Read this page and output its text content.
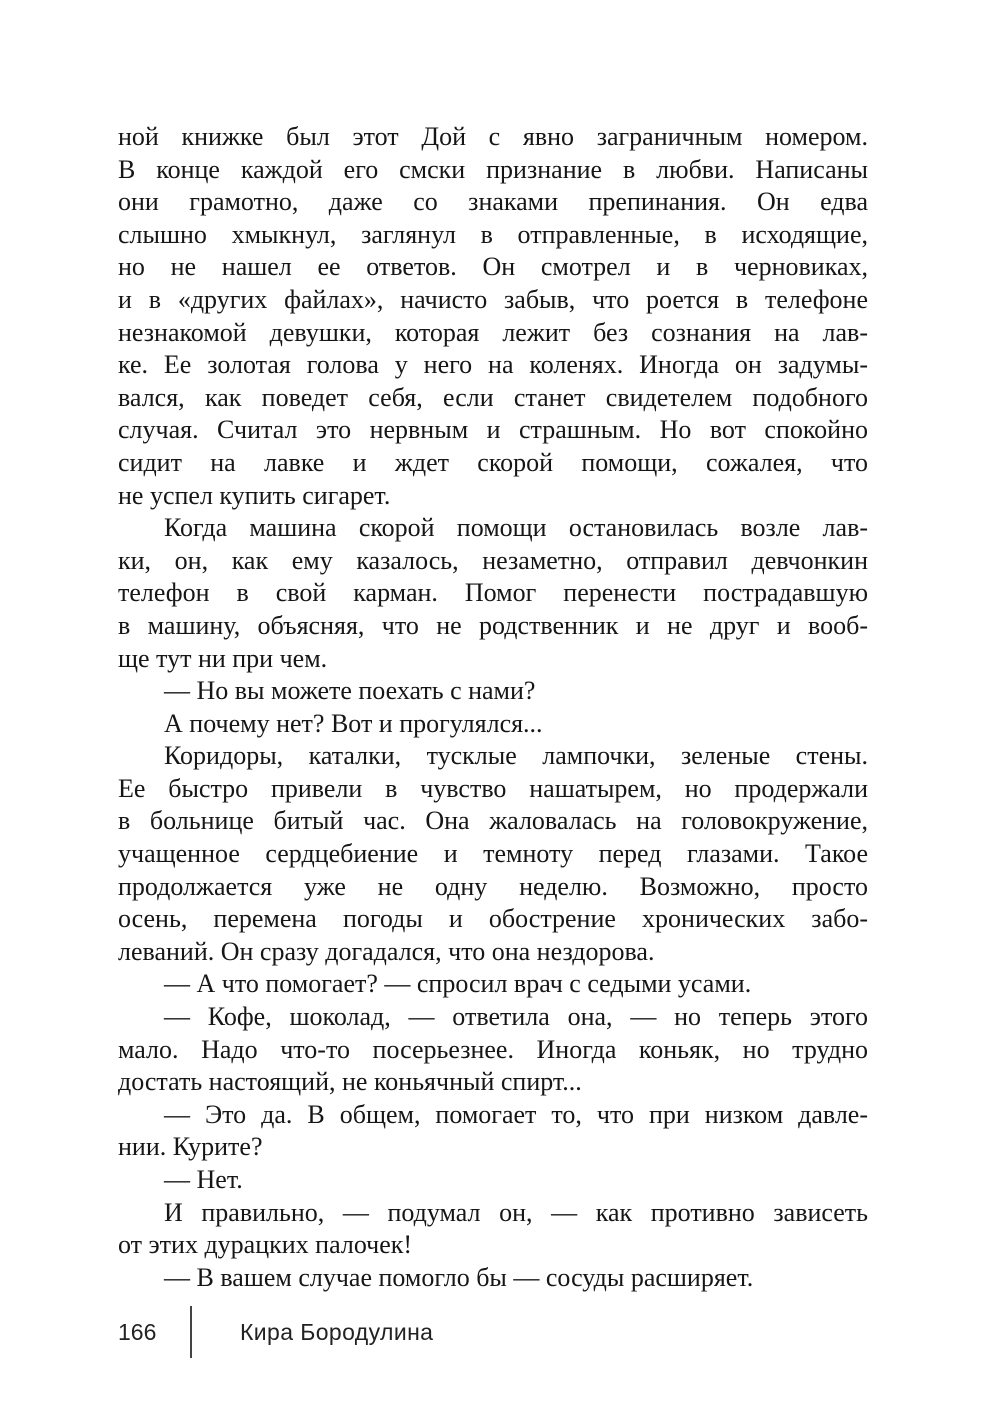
ной книжке был этот Дой с явно заграничным номером.
В конце каждой его смски признание в любви. Написаны
они грамотно, даже со знаками препинания. Он едва
слышно хмыкнул, заглянул в отправленные, в исходящие,
но не нашел ее ответов. Он смотрел и в черновиках,
и в «других файлах», начисто забыв, что роется в телефоне
незнакомой девушки, которая лежит без сознания на лав-
ке. Ее золотая голова у него на коленях. Иногда он задумы-
вался, как поведет себя, если станет свидетелем подобного
случая. Считал это нервным и страшным. Но вот спокойно
сидит на лавке и ждет скорой помощи, сожалея, что
не успел купить сигарет.
Когда машина скорой помощи остановилась возле лав-
ки, он, как ему казалось, незаметно, отправил девчонкин
телефон в свой карман. Помог перенести пострадавшую
в машину, объясняя, что не родственник и не друг и вооб-
ще тут ни при чем.
— Но вы можете поехать с нами?
А почему нет? Вот и прогулялся...
Коридоры, каталки, тусклые лампочки, зеленые стены.
Ее быстро привели в чувство нашатырем, но продержали
в больнице битый час. Она жаловалась на головокружение,
учащенное сердцебиение и темноту перед глазами. Такое
продолжается уже не одну неделю. Возможно, просто
осень, перемена погоды и обострение хронических забо-
леваний. Он сразу догадался, что она нездорова.
— А что помогает? — спросил врач с седыми усами.
— Кофе, шоколад, — ответила она, — но теперь этого
мало. Надо что-то посерьезнее. Иногда коньяк, но трудно
достать настоящий, не коньячный спирт...
— Это да. В общем, помогает то, что при низком давле-
нии. Курите?
— Нет.
И правильно, — подумал он, — как противно зависеть
от этих дурацких палочек!
— В вашем случае помогло бы — сосуды расширяет.
166	Кира Бородулина
